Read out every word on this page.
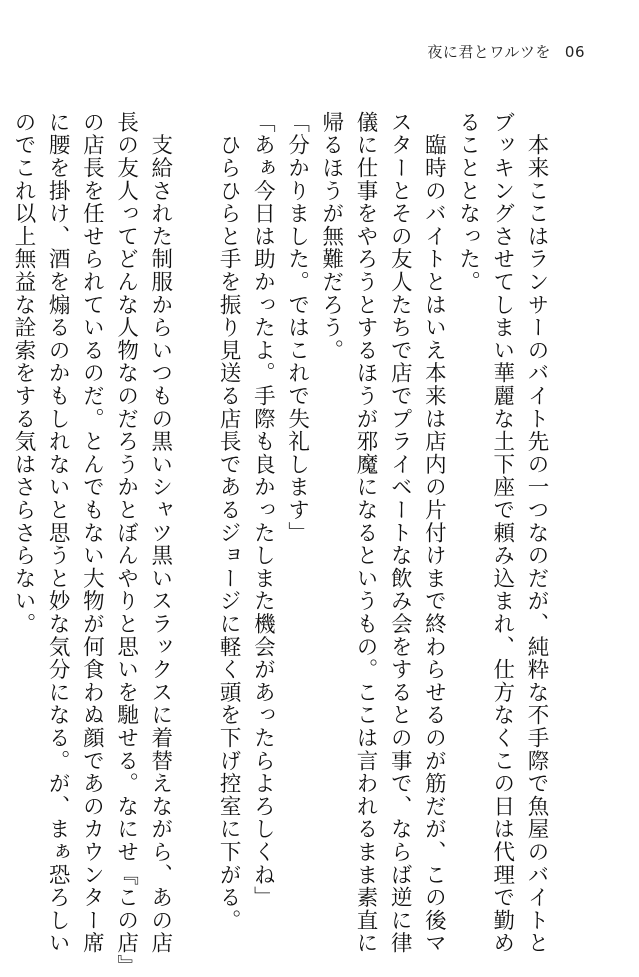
夜に君とワルツを 06

　本来ここはランサーのバイト先の一つなのだが、純粋な不手際で魚屋のバイトと

ブッキングさせてしまい華麗な土下座で頼み込まれ、仕方なくこの日は代理で勤め

ることとなった。

　臨時のバイトとはいえ本来は店内の片付けまで終わらせるのが筋だが、この後マ

スターとその友人たちで店でプライベートな飲み会をするとの事で、ならば逆に律

儀に仕事をやろうとするほうが邪魔になるというもの。ここは言われるまま素直に

帰るほうが無難だろう。

「分かりました。ではこれで失礼します」

「あぁ今日は助かったよ。手際も良かったしまた機会があったらよろしくね」

　ひらひらと手を振り見送る店長であるジョージに軽く頭を下げ控室に下がる。

　支給された制服からいつもの黒いシャツ黒いスラックスに着替えながら、あの店

長の友人ってどんな人物なのだろうかとぼんやりと思いを馳せる。なにせ『この店』

の店長を任せられているのだ。とんでもない大物が何食わぬ顔であのカウンター席

に腰を掛け、酒を煽るのかもしれないと思うと妙な気分になる。が、まぁ恐ろしい

のでこれ以上無益な詮索をする気はさらさらない。
